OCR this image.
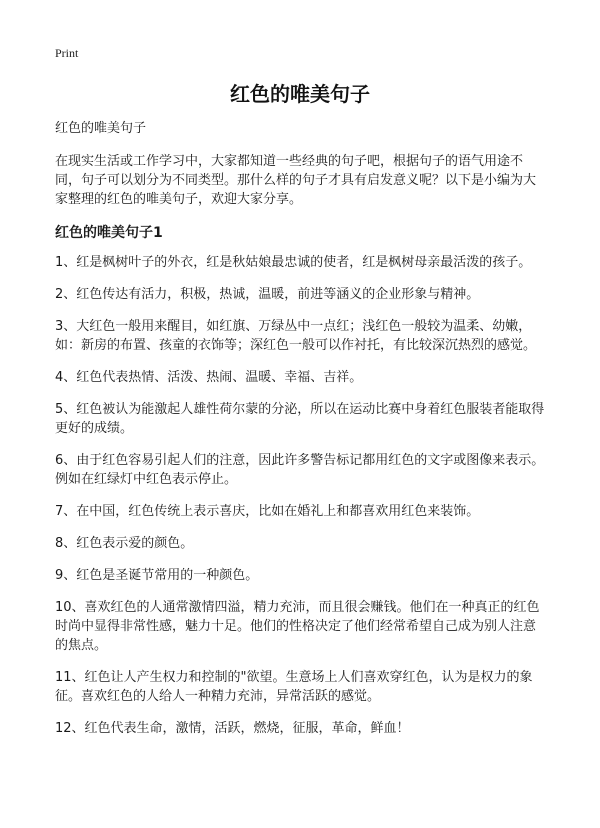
Print
红色的唯美句子

红色的唯美句子

在现实生活或工作学习中，大家都知道一些经典的句子吧，根据句子的语气用途不同，句子可以划分为不同类型。那什么样的句子才具有启发意义呢？以下是小编为大家整理的红色的唯美句子，欢迎大家分享。

红色的唯美句子1

1、红是枫树叶子的外衣，红是秋姑娘最忠诚的使者，红是枫树母亲最活泼的孩子。

2、红色传达有活力，积极，热诚，温暖，前进等涵义的企业形象与精神。

3、大红色一般用来醒目，如红旗、万绿丛中一点红；浅红色一般较为温柔、幼嫩，如：新房的布置、孩童的衣饰等；深红色一般可以作衬托，有比较深沉热烈的感觉。

4、红色代表热情、活泼、热闹、温暖、幸福、吉祥。

5、红色被认为能激起人雄性荷尔蒙的分泌，所以在运动比赛中身着红色服装者能取得更好的成绩。

6、由于红色容易引起人们的注意，因此许多警告标记都用红色的文字或图像来表示。例如在红绿灯中红色表示停止。

7、在中国，红色传统上表示喜庆，比如在婚礼上和都喜欢用红色来装饰。

8、红色表示爱的颜色。

9、红色是圣诞节常用的一种颜色。

10、喜欢红色的人通常激情四溢，精力充沛，而且很会赚钱。他们在一种真正的红色时尚中显得非常性感，魅力十足。他们的性格决定了他们经常希望自己成为别人注意的焦点。

11、红色让人产生权力和控制的"欲望。生意场上人们喜欢穿红色，认为是权力的象征。喜欢红色的人给人一种精力充沛，异常活跃的感觉。

12、红色代表生命，激情，活跃，燃烧，征服，革命，鲜血！
